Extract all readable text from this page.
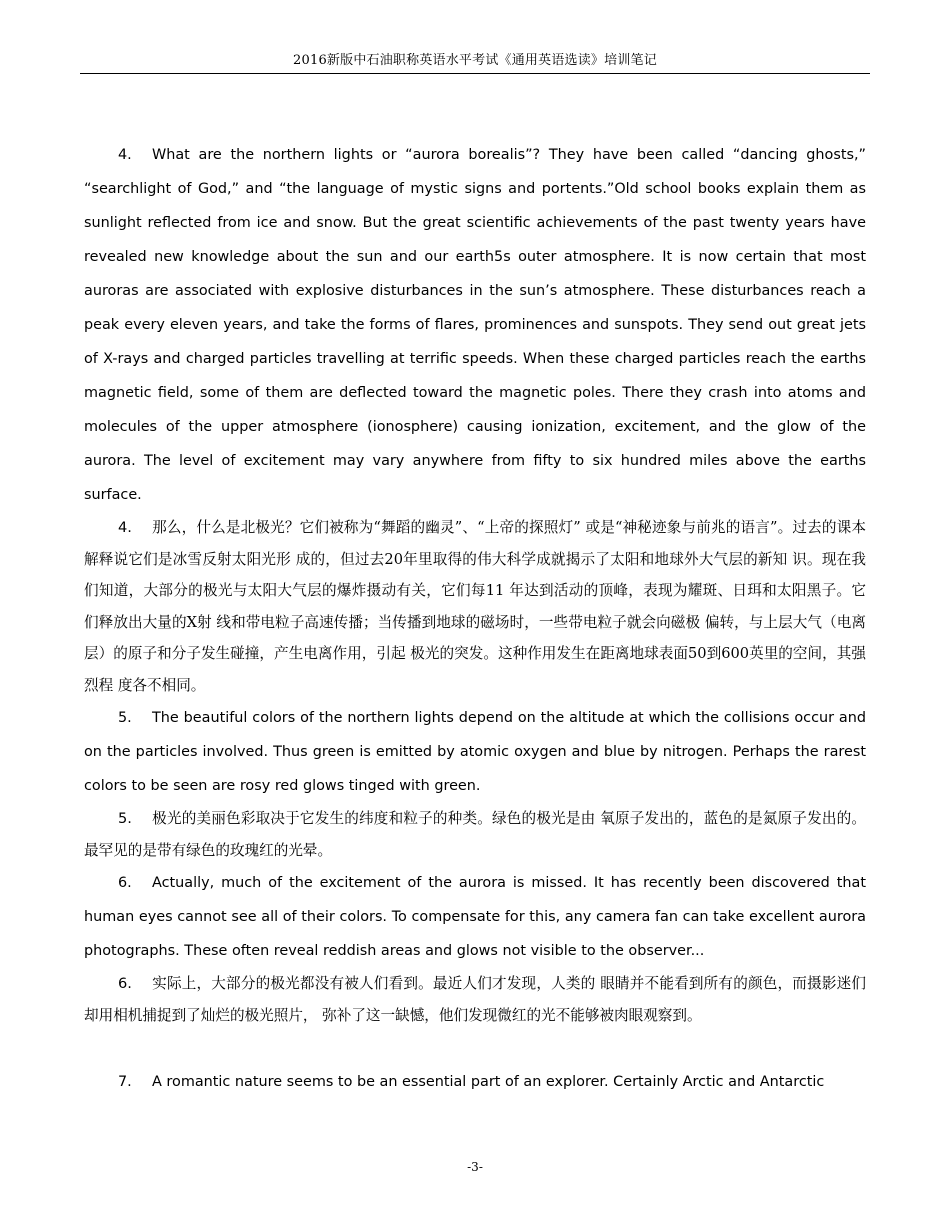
2016新版中石油职称英语水平考试《通用英语选读》培训笔记

4. What are the northern lights or “aurora borealis”? They have been called “dancing ghosts,” “searchlight of God,” and “the language of mystic signs and portents.”Old school books explain them as sunlight reflected from ice and snow. But the great scientific achievements of the past twenty years have revealed new knowledge about the sun and our earth5s outer atmosphere. It is now certain that most auroras are associated with explosive disturbances in the sun’s atmosphere. These disturbances reach a peak every eleven years, and take the forms of flares, prominences and sunspots. They send out great jets of X-rays and charged particles travelling at terrific speeds. When these charged particles reach the earths magnetic field, some of them are deflected toward the magnetic poles. There they crash into atoms and molecules of the upper atmosphere (ionosphere) causing ionization, excitement, and the glow of the aurora. The level of excitement may vary anywhere from fifty to six hundred miles above the earths surface.

4. 那么，什么是北极光？它们被称为“舞蹈的幽灵”、“上帝的探照灯” 或是“神秘迹象与前兆的语言”。过去的课本解释说它们是冰雪反射太阳光形 成的，但过去20年里取得的伟大科学成就揭示了太阳和地球外大气层的新知 识。现在我们知道，大部分的极光与太阳大气层的爆炸摄动有关，它们每11 年达到活动的顶峰，表现为耀斑、日珥和太阳黑子。它们释放出大量的X射 线和带电粒子高速传播；当传播到地球的磁场时，一些带电粒子就会向磁极 偏转，与上层大气（电离层）的原子和分子发生碰撞，产生电离作用，引起 极光的突发。这种作用发生在距离地球表面50到600英里的空间，其强烈程 度各不相同。

5. The beautiful colors of the northern lights depend on the altitude at which the collisions occur and on the particles involved. Thus green is emitted by atomic oxygen and blue by nitrogen. Perhaps the rarest colors to be seen are rosy red glows tinged with green.

5. 极光的美丽色彩取决于它发生的纬度和粒子的种类。绿色的极光是由 氧原子发出的，蓝色的是氮原子发出的。最罕见的是带有绿色的玫瑰红的光晕。

6. Actually, much of the excitement of the aurora is missed. It has recently been discovered that human eyes cannot see all of their colors. To compensate for this, any camera fan can take excellent aurora photographs. These often reveal reddish areas and glows not visible to the observer...

6. 实际上，大部分的极光都没有被人们看到。最近人们才发现，人类的 眼睛并不能看到所有的颜色，而摄影迷们却用相机捕捉到了灿烂的极光照片， 弥补了这一缺憾，他们发现微红的光不能够被肉眼观察到。

7. A romantic nature seems to be an essential part of an explorer. Certainly Arctic and Antarctic

-3-
